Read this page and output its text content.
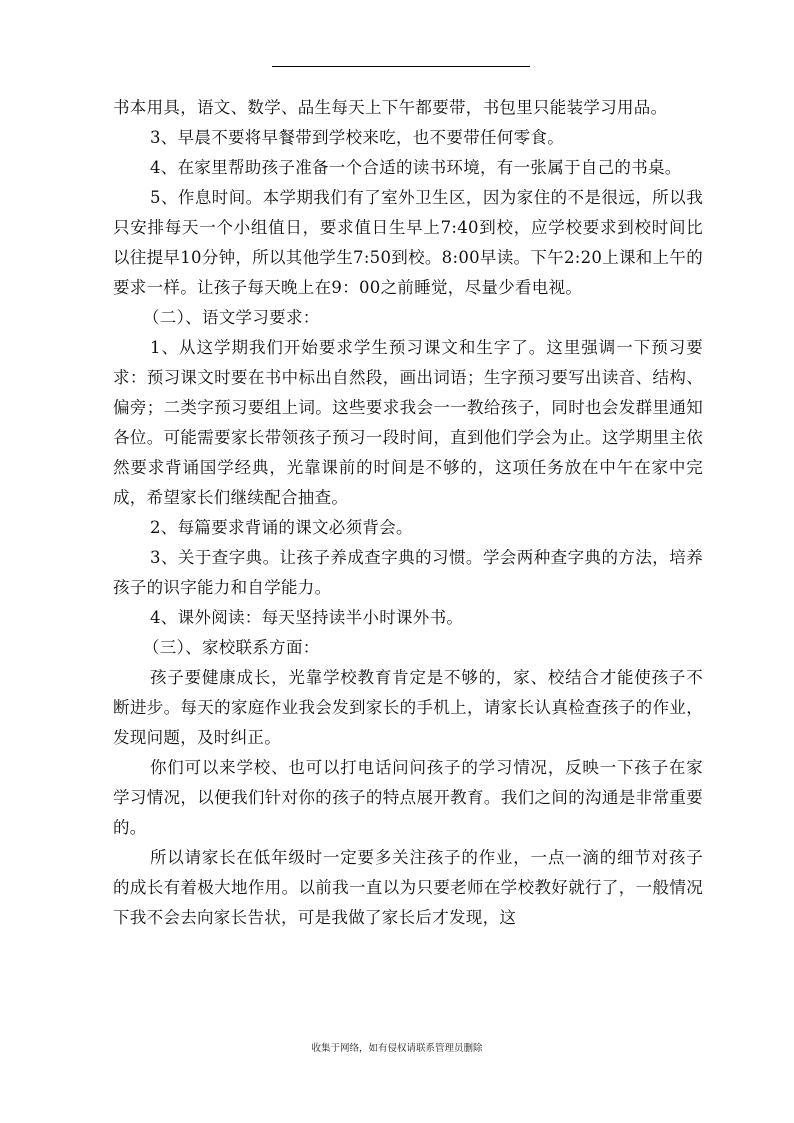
书本用具，语文、数学、品生每天上下午都要带，书包里只能装学习用品。

3、早晨不要将早餐带到学校来吃，也不要带任何零食。

4、在家里帮助孩子准备一个合适的读书环境，有一张属于自己的书桌。

5、作息时间。本学期我们有了室外卫生区，因为家住的不是很远，所以我只安排每天一个小组值日，要求值日生早上7:40到校，应学校要求到校时间比以往提早10分钟，所以其他学生7:50到校。8:00早读。下午2:20上课和上午的要求一样。让孩子每天晚上在9：00之前睡觉，尽量少看电视。

（二）、语文学习要求：

1、从这学期我们开始要求学生预习课文和生字了。这里强调一下预习要求：预习课文时要在书中标出自然段，画出词语；生字预习要写出读音、结构、偏旁；二类字预习要组上词。这些要求我会一一教给孩子，同时也会发群里通知各位。可能需要家长带领孩子预习一段时间，直到他们学会为止。这学期里主依然要求背诵国学经典，光靠课前的时间是不够的，这项任务放在中午在家中完成，希望家长们继续配合抽查。

2、每篇要求背诵的课文必须背会。

3、关于查字典。让孩子养成查字典的习惯。学会两种查字典的方法，培养孩子的识字能力和自学能力。

4、课外阅读：每天坚持读半小时课外书。

（三）、家校联系方面：

孩子要健康成长，光靠学校教育肯定是不够的，家、校结合才能使孩子不断进步。每天的家庭作业我会发到家长的手机上，请家长认真检查孩子的作业，发现问题，及时纠正。

你们可以来学校、也可以打电话问问孩子的学习情况，反映一下孩子在家学习情况，以便我们针对你的孩子的特点展开教育。我们之间的沟通是非常重要的。

所以请家长在低年级时一定要多关注孩子的作业，一点一滴的细节对孩子的成长有着极大地作用。以前我一直以为只要老师在学校教好就行了，一般情况下我不会去向家长告状，可是我做了家长后才发现，这

收集于网络，如有侵权请联系管理员删除
